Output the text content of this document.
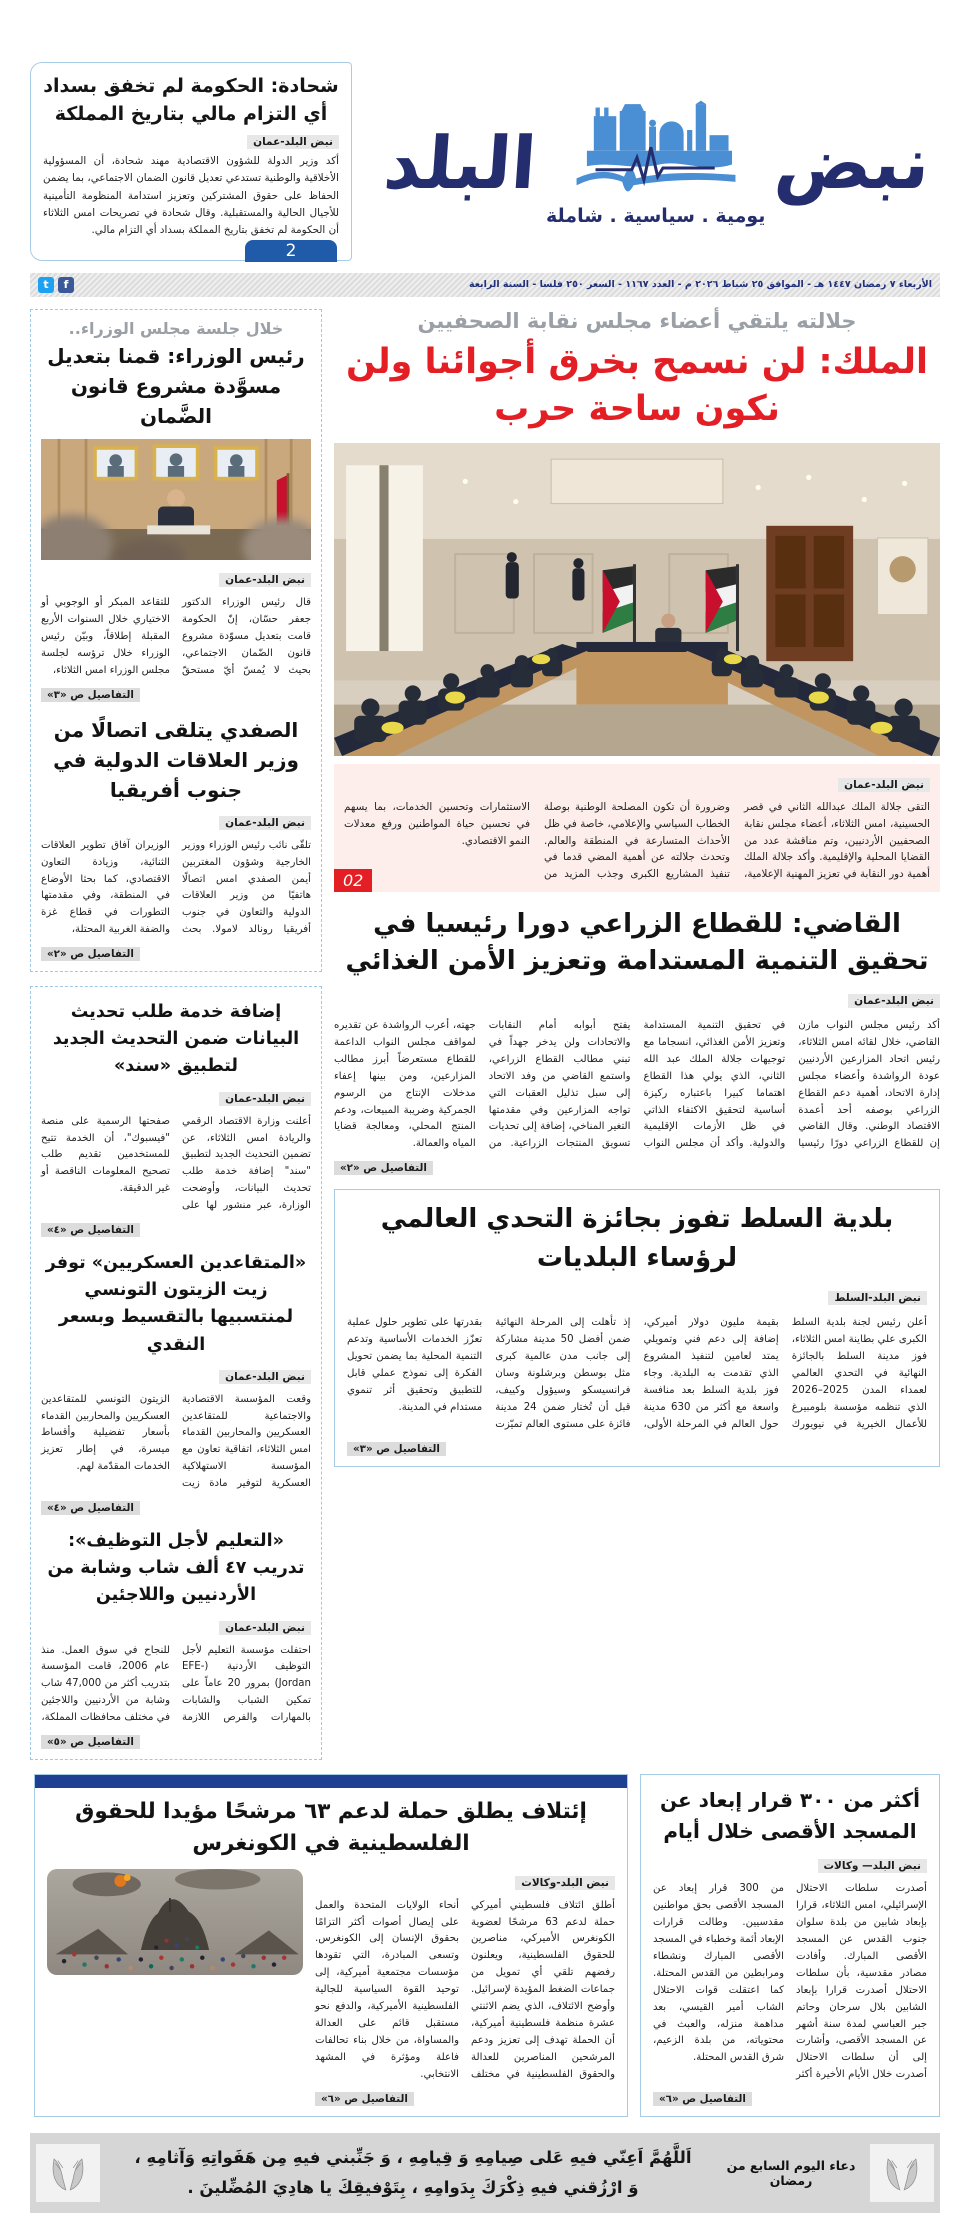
نبض
يومية . سياسية . شاملة
البلد
شحادة: الحكومة لم تخفق بسداد أي التزام مالي بتاريخ المملكة
نبض البلد-عمان
أكد وزير الدولة للشؤون الاقتصادية مهند شحادة، أن المسؤولية الأخلاقية والوطنية تستدعي تعديل قانون الضمان الاجتماعي، بما يضمن الحفاظ على حقوق المشتركين وتعزيز استدامة المنظومة التأمينية للأجيال الحالية والمستقبلية. وقال شحادة في تصريحات امس الثلاثاء أن الحكومة لم تخفق بتاريخ المملكة بسداد أي التزام مالي.
2
الأربعاء ٧ رمضان ١٤٤٧ هـ - الموافق ٢٥ شباط ٢٠٢٦ م - العدد ١١٦٧ - السعر ٢٥٠ فلسا - السنة الرابعة
f
t
جلالته يلتقي أعضاء مجلس نقابة الصحفيين
الملك: لن نسمح بخرق أجوائنا ولن نكون ساحة حرب
نبض البلد-عمان
التقى جلالة الملك عبدالله الثاني في قصر الحسينية، امس الثلاثاء، أعضاء مجلس نقابة الصحفيين الأردنيين، وتم مناقشة عدد من القضايا المحلية والإقليمية. وأكد جلالة الملك أهمية دور النقابة في تعزيز المهنية الإعلامية، وضرورة أن تكون المصلحة الوطنية بوصلة الخطاب السياسي والإعلامي، خاصة في ظل الأحداث المتسارعة في المنطقة والعالم. وتحدث جلالته عن أهمية المضي قدما في تنفيذ المشاريع الكبرى وجذب المزيد من الاستثمارات وتحسين الخدمات، بما يسهم في تحسين حياة المواطنين ورفع معدلات النمو الاقتصادي.
02
القاضي: للقطاع الزراعي دورا رئيسيا في تحقيق التنمية المستدامة وتعزيز الأمن الغذائي
نبض البلد-عمان
أكد رئيس مجلس النواب مازن القاضي، خلال لقائه امس الثلاثاء، رئيس اتحاد المزارعين الأردنيين عودة الرواشدة وأعضاء مجلس إدارة الاتحاد، أهمية دعم القطاع الزراعي بوصفه أحد أعمدة الاقتصاد الوطني. وقال القاضي إن للقطاع الزراعي دورًا رئيسيا في تحقيق التنمية المستدامة وتعزيز الأمن الغذائي، انسجاما مع توجيهات جلالة الملك عبد الله الثاني، الذي يولي هذا القطاع اهتماما كبيرا باعتباره ركيزة أساسية لتحقيق الاكتفاء الذاتي في ظل الأزمات الإقليمية والدولية. وأكد أن مجلس النواب يفتح أبوابه أمام النقابات والاتحادات ولن يدخر جهداً في تبني مطالب القطاع الزراعي، واستمع القاضي من وفد الاتحاد إلى سبل تذليل العقبات التي تواجه المزارعين وفي مقدمتها التغير المناخي، إضافة إلى تحديات تسويق المنتجات الزراعية. من جهته، أعرب الرواشدة عن تقديره لمواقف مجلس النواب الداعمة للقطاع مستعرضاً أبرز مطالب المزارعين، ومن بينها إعفاء مدخلات الإنتاج من الرسوم الجمركية وضريبة المبيعات، ودعم المنتج المحلي، ومعالجة قضايا المياه والعمالة.
التفاصيل ص «٢»
بلدية السلط تفوز بجائزة التحدي العالمي لرؤساء البلديات
نبض البلد-السلط
أعلن رئيس لجنة بلدية السلط الكبرى علي بطاينة امس الثلاثاء، فوز مدينة السلط بالجائزة النهائية في التحدي العالمي لعمداء المدن 2025–2026 الذي تنظمه مؤسسة بلومبيرغ للأعمال الخيرية في نيويورك بقيمة مليون دولار أميركي، إضافة إلى دعم فني وتمويلي يمتد لعامين لتنفيذ المشروع الذي تقدمت به البلدية. وجاء فوز بلدية السلط بعد منافسة واسعة مع أكثر من 630 مدينة حول العالم في المرحلة الأولى، إذ تأهلت إلى المرحلة النهائية ضمن أفضل 50 مدينة مشاركة إلى جانب مدن عالمية كبرى مثل بوسطن وبرشلونة وسان فرانسيسكو وسيؤول وكييف، قبل أن تُختار ضمن 24 مدينة فائزة على مستوى العالم تميّزت بقدرتها على تطوير حلول عملية تعزّز الخدمات الأساسية وتدعم التنمية المحلية بما يضمن تحويل الفكرة إلى نموذج عملي قابل للتطبيق وتحقيق أثر تنموي مستدام في المدينة.
التفاصيل ص «٣»
خلال جلسة مجلس الوزراء..
رئيس الوزراء: قمنا بتعديل مسوَّدة مشروع قانون الضَّمان
نبض البلد-عمان
قال رئيس الوزراء الدكتور جعفر حسّان، إنّ الحكومة قامت بتعديل مسوّدة مشروع قانون الضّمان الاجتماعي، بحيث لا يُمسّ أيّ مستحقّ للتقاعد المبكر أو الوجوبي أو الاختياري خلال السنوات الأربع المقبلة إطلاقاً، وبيّن رئيس الوزراء خلال ترؤسه لجلسة مجلس الوزراء امس الثلاثاء،
التفاصيل ص «٣»
الصفدي يتلقى اتصالًا من وزير العلاقات الدولية في جنوب أفريقيا
نبض البلد-عمان
تلقّى نائب رئيس الوزراء ووزير الخارجية وشؤون المغتربين أيمن الصفدي امس اتصالًا هاتفيًا من وزير العلاقات الدولية والتعاون في جنوب أفريقيا رونالد لامولا. بحث الوزيران آفاق تطوير العلاقات الثنائية، وزيادة التعاون الاقتصادي، كما بحثا الأوضاع في المنطقة، وفي مقدمتها التطورات في قطاع غزة والضفة الغربية المحتلة،
التفاصيل ص «٢»
إضافة خدمة طلب تحديث البيانات ضمن التحديث الجديد لتطبيق «سند»
نبض البلد-عمان
أعلنت وزارة الاقتصاد الرقمي والريادة امس الثلاثاء، عن تضمين التحديث الجديد لتطبيق "سند" إضافة خدمة طلب تحديث البيانات، وأوضحت الوزارة، عبر منشور لها على صفحتها الرسمية على منصة "فيسبوك"، أن الخدمة تتيح للمستخدمين تقديم طلب تصحيح المعلومات الناقصة أو غير الدقيقة.
التفاصيل ص «٤»
«المتقاعدين العسكريين» توفر زيت الزيتون التونسي لمنتسبيها بالتقسيط وبسعر النقدي
نبض البلد-عمان
وقعت المؤسسة الاقتصادية والاجتماعية للمتقاعدين العسكريين والمحاربين القدماء امس الثلاثاء، اتفاقية تعاون مع المؤسسة الاستهلاكية العسكرية لتوفير مادة زيت الزيتون التونسي للمتقاعدين العسكريين والمحاربين القدماء بأسعار تفضيلية وأقساط ميسرة، في إطار تعزيز الخدمات المقدّمة لهم.
التفاصيل ص «٤»
«التعليم لأجل التوظيف»: تدريب ٤٧ ألف شاب وشابة من الأردنيين واللاجئين
نبض البلد-عمان
احتفلت مؤسسة التعليم لأجل التوظيف الأردنية (EFE-Jordan) بمرور 20 عاماً على تمكين الشباب والشابات بالمهارات والفرص اللازمة للنجاح في سوق العمل. منذ عام 2006، قامت المؤسسة بتدريب أكثر من 47,000 شاب وشابة من الأردنيين واللاجئين في مختلف محافظات المملكة،
التفاصيل ص «٥»
أكثر من ٣٠٠ قرار إبعاد عن المسجد الأقصى خلال أيام
نبض البلد— وكالات
أصدرت سلطات الاحتلال الإسرائيلي، امس الثلاثاء، قرارا بإبعاد شابين من بلدة سلوان جنوب القدس عن المسجد الأقصى المبارك. وأفادت مصادر مقدسية، بأن سلطات الاحتلال أصدرت قرارا بإبعاد الشابين بلال سرحان وحاتم جبر العباسي لمدة سنة أشهر عن المسجد الأقصى، وأشارت إلى أن سلطات الاحتلال أصدرت خلال الأيام الأخيرة أكثر من 300 قرار إبعاد عن المسجد الأقصى بحق مواطنين مقدسيين. وطالت قرارات الإبعاد أئمة وخطباء في المسجد الأقصى المبارك ونشطاء ومرابطين من القدس المحتلة. كما اعتقلت قوات الاحتلال الشاب أمير القيسي، بعد مداهمة منزله، والعبث في محتوياته، من بلدة الزعيم، شرق القدس المحتلة.
التفاصيل ص «٦»
إئتلاف يطلق حملة لدعم ٦٣ مرشحًا مؤيدا للحقوق الفلسطينية في الكونغرس
نبض البلد-وكالات
أطلق ائتلاف فلسطيني أميركي حملة لدعم 63 مرشحًا لعضوية الكونغرس الأميركي، مناصرين للحقوق الفلسطينية، ويعلنون رفضهم تلقي أي تمويل من جماعات الضغط المؤيدة لإسرائيل. وأوضح الائتلاف، الذي يضم الاثنتي عشرة منظمة فلسطينية أميركية، أن الحملة تهدف إلى تعزيز ودعم المرشحين المناصرين للعدالة والحقوق الفلسطينية في مختلف أنحاء الولايات المتحدة والعمل على إيصال أصوات أكثر التزامًا بحقوق الإنسان إلى الكونغرس. وتسعى المبادرة، التي تقودها مؤسسات مجتمعية أميركية، إلى توحيد القوة السياسية للجالية الفلسطينية الأميركية، والدفع نحو مستقبل قائم على العدالة والمساواة، من خلال بناء تحالفات فاعلة ومؤثرة في المشهد الانتخابي.
التفاصيل ص «٦»
دعاء اليوم السابع من رمضان
اَللَّهُمَّ اَعِنّي فيهِ عَلى صِيامِهِ وَ قِيامِهِ ، وَ جَنِّبني فيهِ مِن هَفَواتِهِ وَآثامِهِ ،
وَ ارْزُقني فيهِ ذِكْرَكَ بِدَوامِهِ ، بِتَوْفيقِكَ يا هادِيَ المُضِّلينَ .
